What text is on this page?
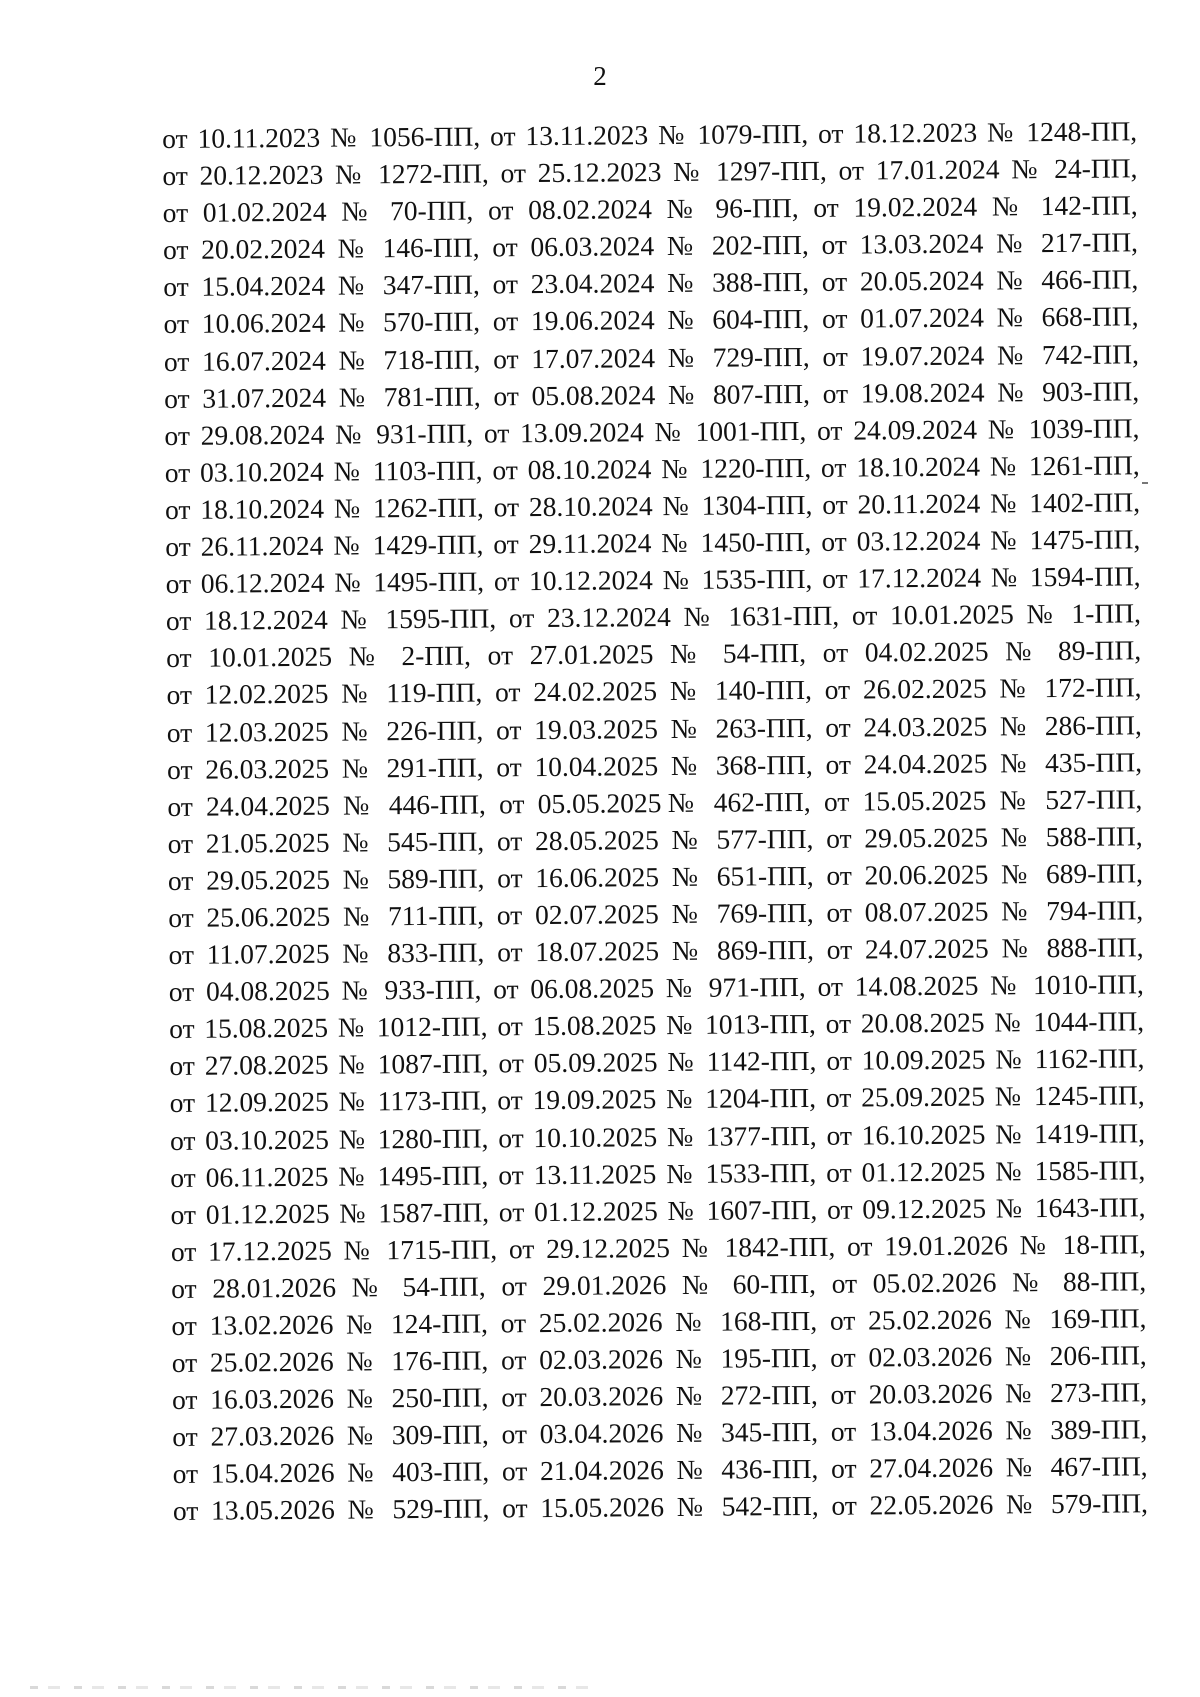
2
от 10.11.2023 № 1056-ПП, от 13.11.2023 № 1079-ПП, от 18.12.2023 № 1248-ПП,
от 20.12.2023 № 1272-ПП, от 25.12.2023 № 1297-ПП, от 17.01.2024 № 24-ПП,
от 01.02.2024 № 70-ПП, от 08.02.2024 № 96-ПП, от 19.02.2024 № 142-ПП,
от 20.02.2024 № 146-ПП, от 06.03.2024 № 202-ПП, от 13.03.2024 № 217-ПП,
от 15.04.2024 № 347-ПП, от 23.04.2024 № 388-ПП, от 20.05.2024 № 466-ПП,
от 10.06.2024 № 570-ПП, от 19.06.2024 № 604-ПП, от 01.07.2024 № 668-ПП,
от 16.07.2024 № 718-ПП, от 17.07.2024 № 729-ПП, от 19.07.2024 № 742-ПП,
от 31.07.2024 № 781-ПП, от 05.08.2024 № 807-ПП, от 19.08.2024 № 903-ПП,
от 29.08.2024 № 931-ПП, от 13.09.2024 № 1001-ПП, от 24.09.2024 № 1039-ПП,
от 03.10.2024 № 1103-ПП, от 08.10.2024 № 1220-ПП, от 18.10.2024 № 1261-ПП,
от 18.10.2024 № 1262-ПП, от 28.10.2024 № 1304-ПП, от 20.11.2024 № 1402-ПП,
от 26.11.2024 № 1429-ПП, от 29.11.2024 № 1450-ПП, от 03.12.2024 № 1475-ПП,
от 06.12.2024 № 1495-ПП, от 10.12.2024 № 1535-ПП, от 17.12.2024 № 1594-ПП,
от 18.12.2024 № 1595-ПП, от 23.12.2024 № 1631-ПП, от 10.01.2025 № 1-ПП,
от 10.01.2025 № 2-ПП, от 27.01.2025 № 54-ПП, от 04.02.2025 № 89-ПП,
от 12.02.2025 № 119-ПП, от 24.02.2025 № 140-ПП, от 26.02.2025 № 172-ПП,
от 12.03.2025 № 226-ПП, от 19.03.2025 № 263-ПП, от 24.03.2025 № 286-ПП,
от 26.03.2025 № 291-ПП, от 10.04.2025 № 368-ПП, от 24.04.2025 № 435-ПП,
от 24.04.2025 № 446-ПП, от 05.05.2025№ 462-ПП, от 15.05.2025 № 527-ПП,
от 21.05.2025 № 545-ПП, от 28.05.2025 № 577-ПП, от 29.05.2025 № 588-ПП,
от 29.05.2025 № 589-ПП, от 16.06.2025 № 651-ПП, от 20.06.2025 № 689-ПП,
от 25.06.2025 № 711-ПП, от 02.07.2025 № 769-ПП, от 08.07.2025 № 794-ПП,
от 11.07.2025 № 833-ПП, от 18.07.2025 № 869-ПП, от 24.07.2025 № 888-ПП,
от 04.08.2025 № 933-ПП, от 06.08.2025 № 971-ПП, от 14.08.2025 № 1010-ПП,
от 15.08.2025 № 1012-ПП, от 15.08.2025 № 1013-ПП, от 20.08.2025 № 1044-ПП,
от 27.08.2025 № 1087-ПП, от 05.09.2025 № 1142-ПП, от 10.09.2025 № 1162-ПП,
от 12.09.2025 № 1173-ПП, от 19.09.2025 № 1204-ПП, от 25.09.2025 № 1245-ПП,
от 03.10.2025 № 1280-ПП, от 10.10.2025 № 1377-ПП, от 16.10.2025 № 1419-ПП,
от 06.11.2025 № 1495-ПП, от 13.11.2025 № 1533-ПП, от 01.12.2025 № 1585-ПП,
от 01.12.2025 № 1587-ПП, от 01.12.2025 № 1607-ПП, от 09.12.2025 № 1643-ПП,
от 17.12.2025 № 1715-ПП, от 29.12.2025 № 1842-ПП, от 19.01.2026 № 18-ПП,
от 28.01.2026 № 54-ПП, от 29.01.2026 № 60-ПП, от 05.02.2026 № 88-ПП,
от 13.02.2026 № 124-ПП, от 25.02.2026 № 168-ПП, от 25.02.2026 № 169-ПП,
от 25.02.2026 № 176-ПП, от 02.03.2026 № 195-ПП, от 02.03.2026 № 206-ПП,
от 16.03.2026 № 250-ПП, от 20.03.2026 № 272-ПП, от 20.03.2026 № 273-ПП,
от 27.03.2026 № 309-ПП, от 03.04.2026 № 345-ПП, от 13.04.2026 № 389-ПП,
от 15.04.2026 № 403-ПП, от 21.04.2026 № 436-ПП, от 27.04.2026 № 467-ПП,
от 13.05.2026 № 529-ПП, от 15.05.2026 № 542-ПП, от 22.05.2026 № 579-ПП,
